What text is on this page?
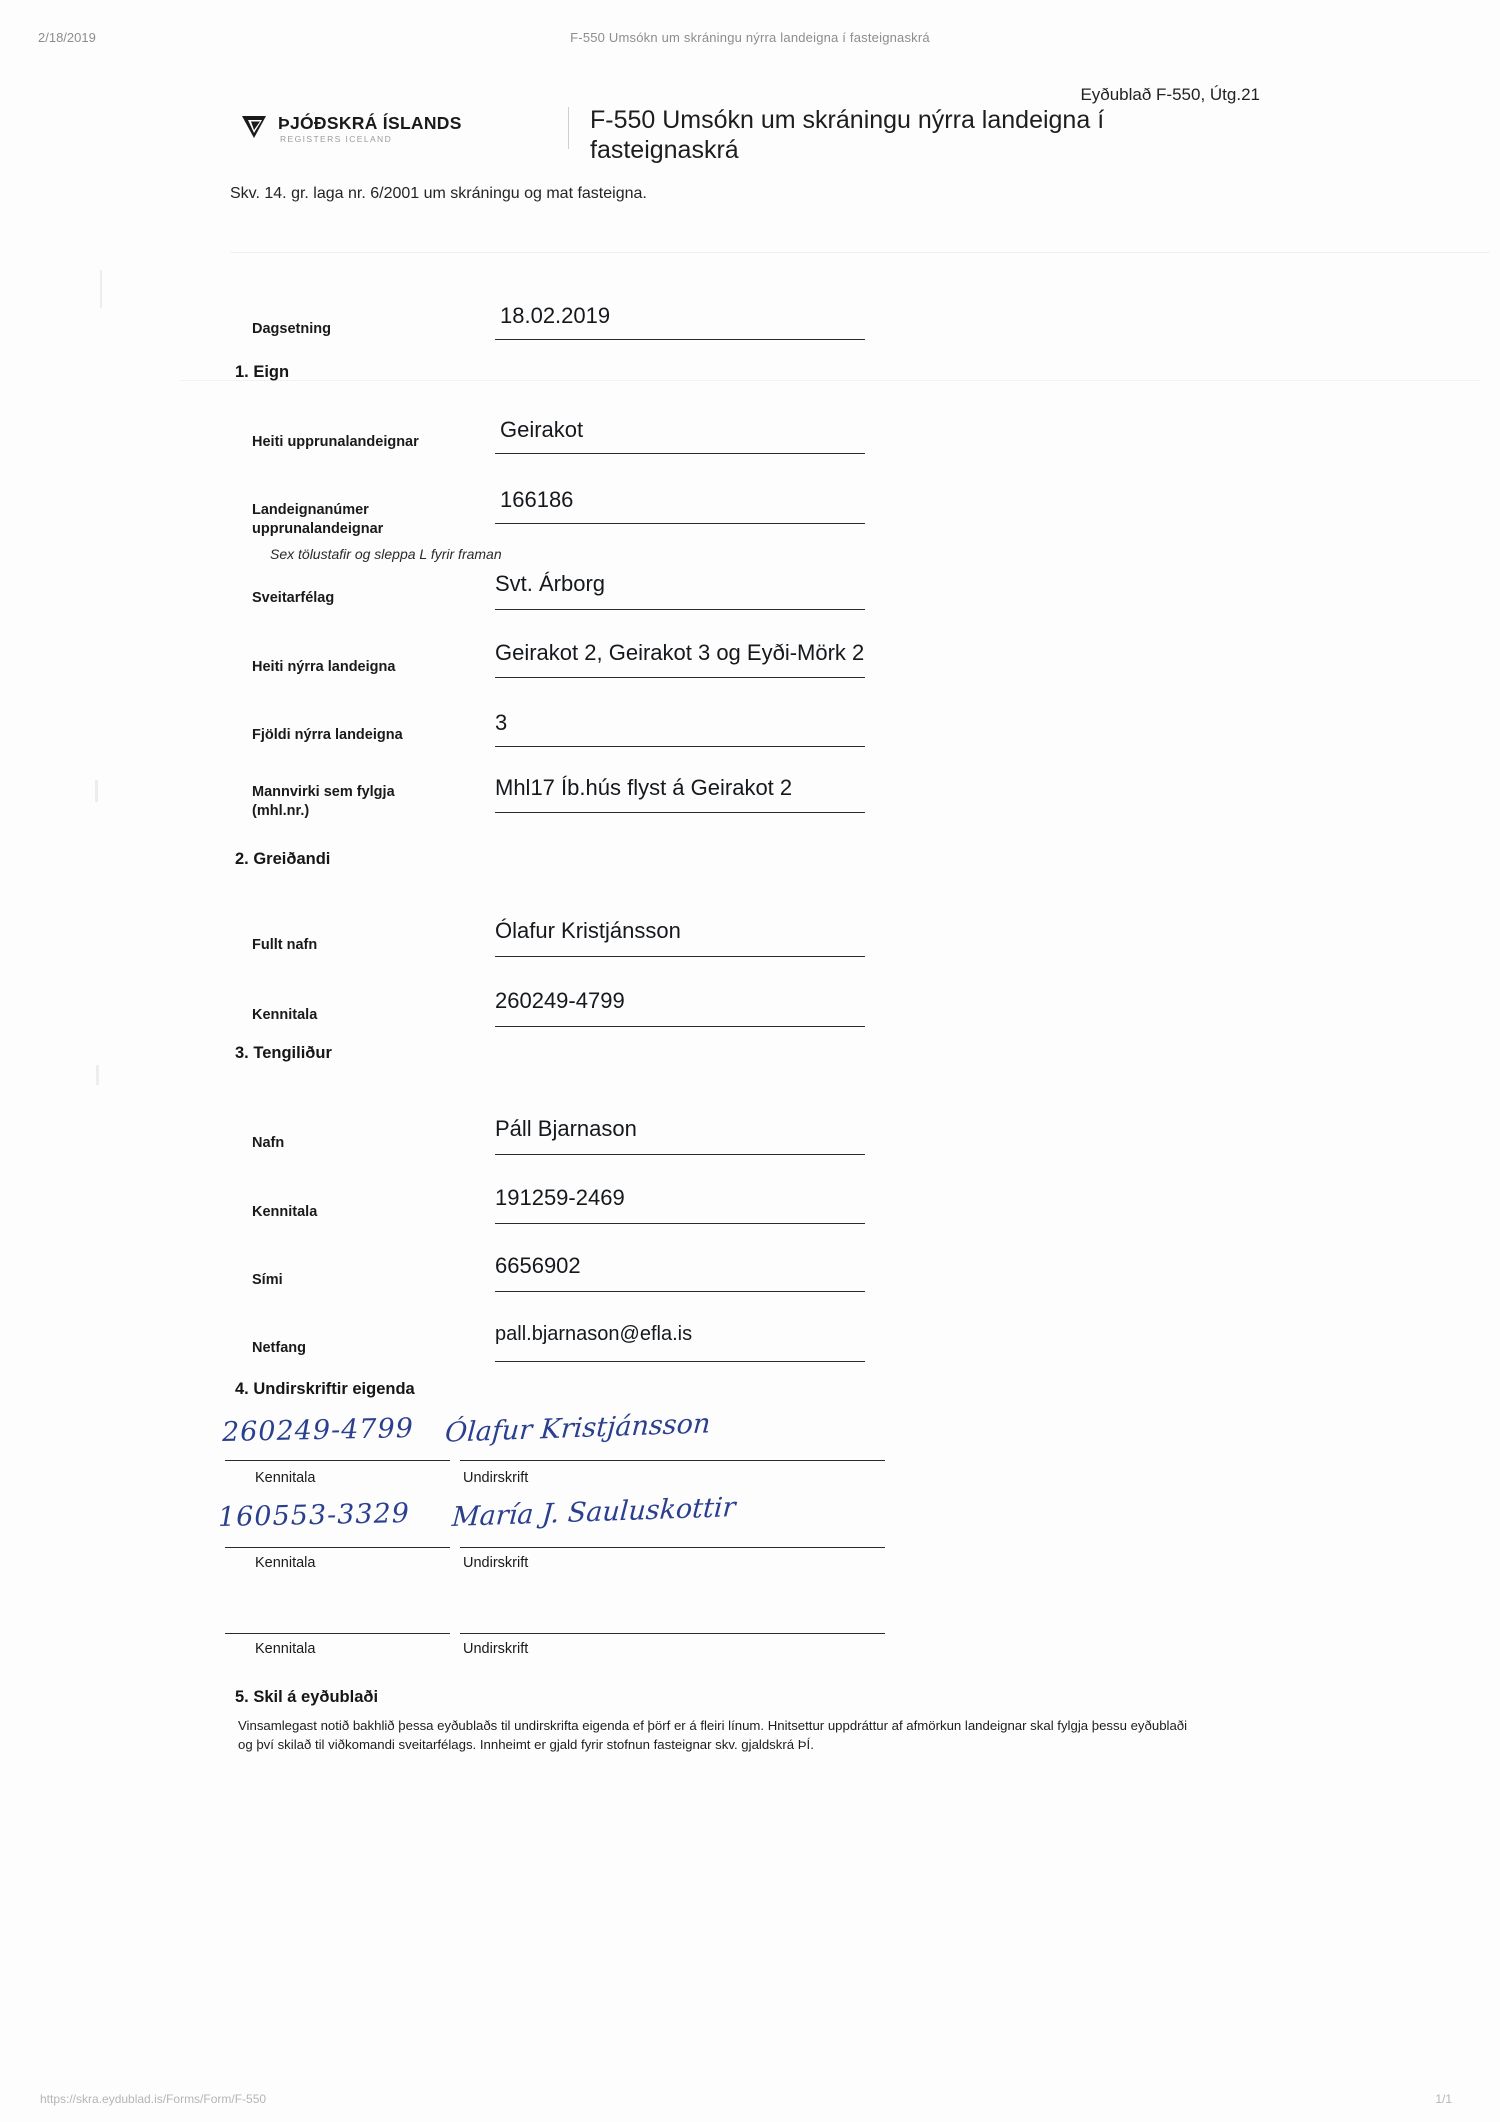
2/18/2019	F-550 Umsókn um skráningu nýrra landeigna í fasteignaskrá
https://skra.eydublad.is/Forms/Form/F-550	1/1
Eyðublað F-550, Útg.21
ÞJÓÐSKRÁ ÍSLANDS
REGISTERS ICELAND
F-550 Umsókn um skráningu nýrra landeigna í fasteignaskrá
Skv. 14. gr. laga nr. 6/2001 um skráningu og mat fasteigna.
Dagsetning
18.02.2019
1. Eign
Heiti upprunalandeignar	Geirakot
Landeignanúmer
upprunalandeignar
166186
Sex tölustafir og sleppa L fyrir framan
Sveitarfélag
Svt. Árborg
Heiti nýrra landeigna
Geirakot 2, Geirakot 3 og Eyði-Mörk 2
Fjöldi nýrra landeigna	3
Mannvirki sem fylgja
(mhl.nr.)
Mhl17 Íb.hús flyst á Geirakot 2
2. Greiðandi
Fullt nafn
Ólafur Kristjánsson
Kennitala
260249-4799
3. Tengiliður
Nafn
Páll Bjarnason
Kennitala
191259-2469
Sími
6656902
Netfang
pall.bjarnason@efla.is
4. Undirskriftir eigenda
260249-4799 Ólafur Kristjánsson
Kennitala	Undirskrift
160553-3329 María J. Sauluskottir
Kennitala	Undirskrift
Kennitala	Undirskrift
5. Skil á eyðublaði
Vinsamlegast notið bakhlið þessa eyðublaðs til undirskrifta eigenda ef þörf er á fleiri línum. Hnitsettur uppdráttur af afmörkun landeignar skal fylgja þessu eyðublaði og því skilað til viðkomandi sveitarfélags. Innheimt er gjald fyrir stofnun fasteignar skv. gjaldskrá ÞÍ.
